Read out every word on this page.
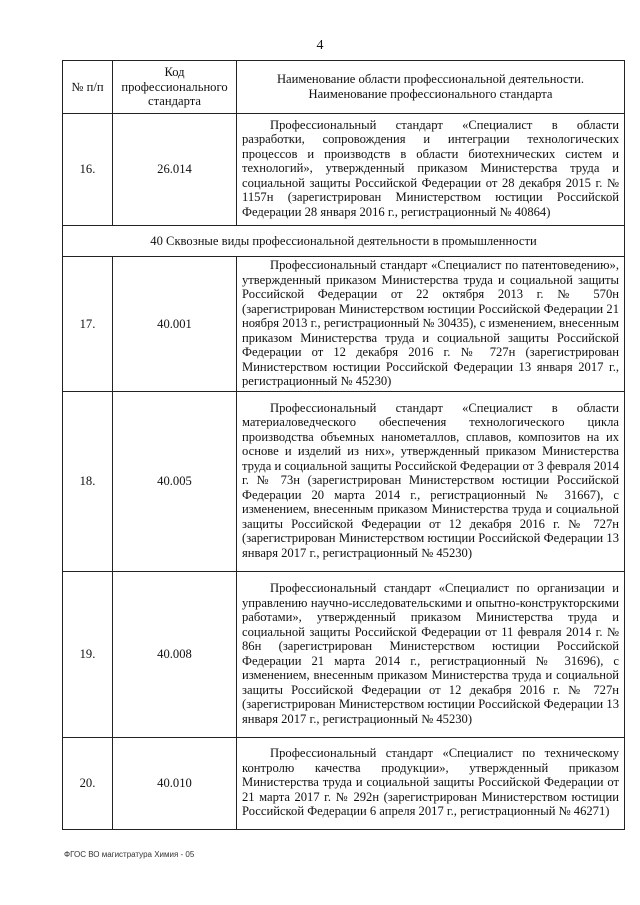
4
№ п/п	Код профессионального стандарта	Наименование области профессиональной деятельности. Наименование профессионального стандарта
16.	26.014	Профессиональный стандарт «Специалист в области разработки, сопровождения и интеграции технологических процессов и производств в области биотехнических систем и технологий», утвержденный приказом Министерства труда и социальной защиты Российской Федерации от 28 декабря 2015 г. № 1157н (зарегистрирован Министерством юстиции Российской Федерации 28 января 2016 г., регистрационный № 40864)
40 Сквозные виды профессиональной деятельности в промышленности		
17.	40.001	Профессиональный стандарт «Специалист по патентоведению», утвержденный приказом Министерства труда и социальной защиты Российской Федерации от 22 октября 2013 г. № 570н (зарегистрирован Министерством юстиции Российской Федерации 21 ноября 2013 г., регистрационный № 30435), с изменением, внесенным приказом Министерства труда и социальной защиты Российской Федерации от 12 декабря 2016 г. № 727н (зарегистрирован Министерством юстиции Российской Федерации 13 января 2017 г., регистрационный № 45230)
18.	40.005	Профессиональный стандарт «Специалист в области материаловедческого обеспечения технологического цикла производства объемных нанометаллов, сплавов, композитов на их основе и изделий из них», утвержденный приказом Министерства труда и социальной защиты Российской Федерации от 3 февраля 2014 г. № 73н (зарегистрирован Министерством юстиции Российской Федерации 20 марта 2014 г., регистрационный № 31667), с изменением, внесенным приказом Министерства труда и социальной защиты Российской Федерации от 12 декабря 2016 г. № 727н (зарегистрирован Министерством юстиции Российской Федерации 13 января 2017 г., регистрационный № 45230)
19.	40.008	Профессиональный стандарт «Специалист по организации и управлению научно-исследовательскими и опытно-конструкторскими работами», утвержденный приказом Министерства труда и социальной защиты Российской Федерации от 11 февраля 2014 г. № 86н (зарегистрирован Министерством юстиции Российской Федерации 21 марта 2014 г., регистрационный № 31696), с изменением, внесенным приказом Министерства труда и социальной защиты Российской Федерации от 12 декабря 2016 г. № 727н (зарегистрирован Министерством юстиции Российской Федерации 13 января 2017 г., регистрационный № 45230)
20.	40.010	Профессиональный стандарт «Специалист по техническому контролю качества продукции», утвержденный приказом Министерства труда и социальной защиты Российской Федерации от 21 марта 2017 г. № 292н (зарегистрирован Министерством юстиции Российской Федерации 6 апреля 2017 г., регистрационный № 46271)
ФГОС ВО магистратура Химия - 05
